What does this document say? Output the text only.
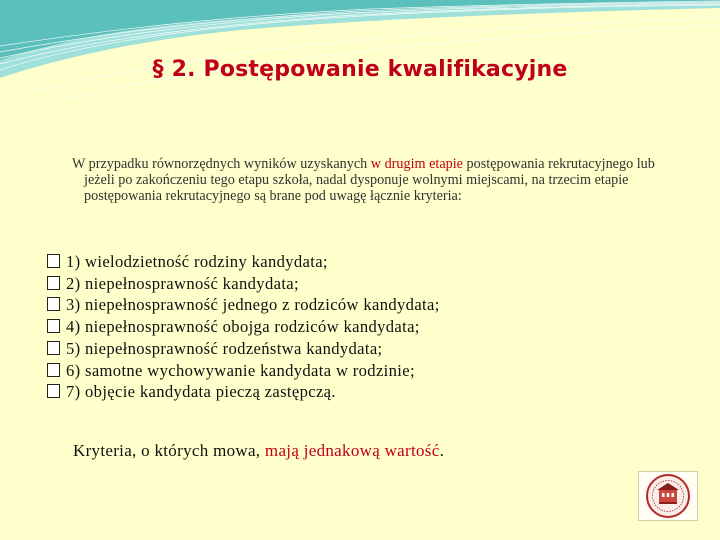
§ 2. Postępowanie kwalifikacyjne
W przypadku równorzędnych wyników uzyskanych w drugim etapie postępowania rekrutacyjnego lub jeżeli po zakończeniu tego etapu szkoła, nadal dysponuje wolnymi miejscami, na trzecim etapie postępowania rekrutacyjnego są brane pod uwagę łącznie kryteria:
1) wielodzietność rodziny kandydata;
2) niepełnosprawność kandydata;
3) niepełnosprawność jednego z rodziców kandydata;
4) niepełnosprawność obojga rodziców kandydata;
5) niepełnosprawność rodzeństwa kandydata;
6) samotne wychowywanie kandydata w rodzinie;
7) objęcie kandydata pieczą zastępczą.
Kryteria, o których mowa, mają jednakową wartość.
